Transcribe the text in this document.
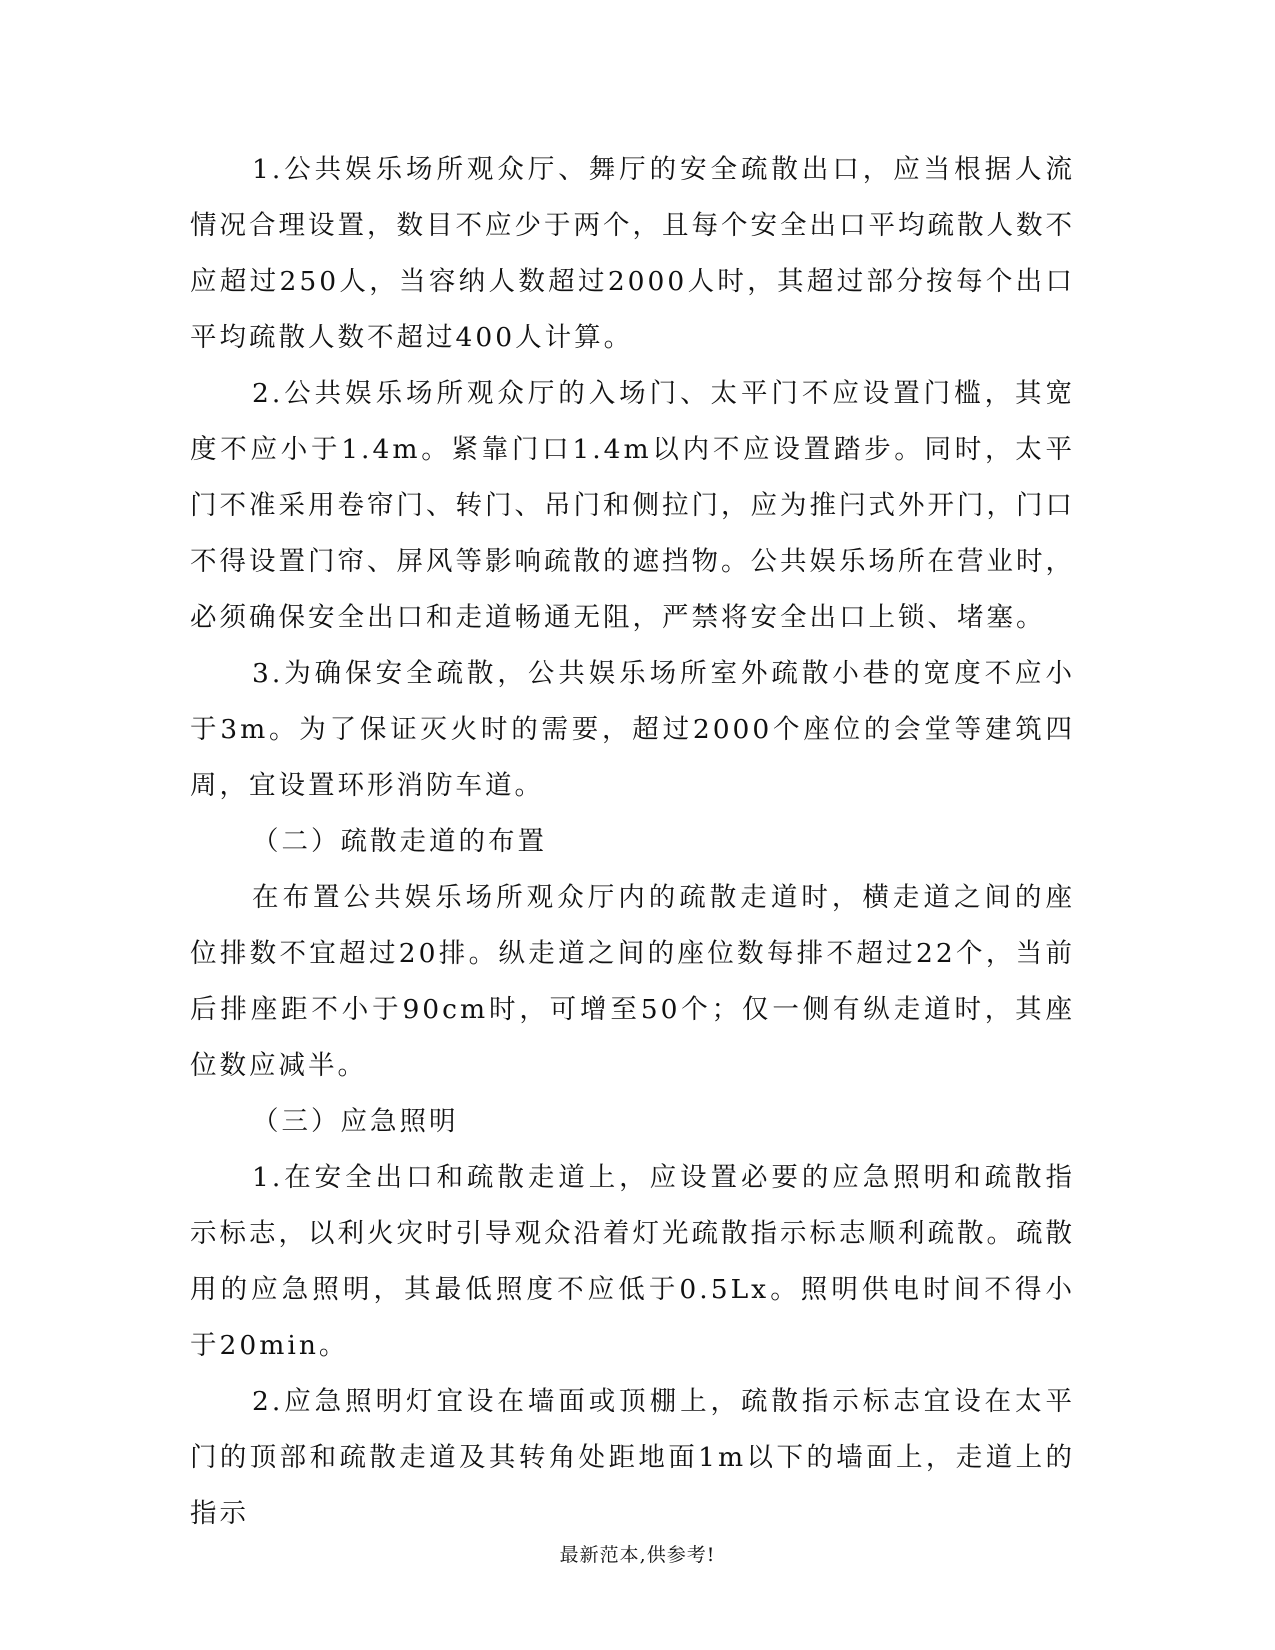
1.公共娱乐场所观众厅、舞厅的安全疏散出口，应当根据人流情况合理设置，数目不应少于两个，且每个安全出口平均疏散人数不应超过250人，当容纳人数超过2000人时，其超过部分按每个出口平均疏散人数不超过400人计算。

2.公共娱乐场所观众厅的入场门、太平门不应设置门槛，其宽度不应小于1.4m。紧靠门口1.4m以内不应设置踏步。同时，太平门不准采用卷帘门、转门、吊门和侧拉门，应为推闩式外开门，门口不得设置门帘、屏风等影响疏散的遮挡物。公共娱乐场所在营业时，必须确保安全出口和走道畅通无阻，严禁将安全出口上锁、堵塞。

3.为确保安全疏散，公共娱乐场所室外疏散小巷的宽度不应小于3m。为了保证灭火时的需要，超过2000个座位的会堂等建筑四周，宜设置环形消防车道。

（二）疏散走道的布置

在布置公共娱乐场所观众厅内的疏散走道时，横走道之间的座位排数不宜超过20排。纵走道之间的座位数每排不超过22个，当前后排座距不小于90cm时，可增至50个；仅一侧有纵走道时，其座位数应减半。

（三）应急照明

1.在安全出口和疏散走道上，应设置必要的应急照明和疏散指示标志，以利火灾时引导观众沿着灯光疏散指示标志顺利疏散。疏散用的应急照明，其最低照度不应低于0.5Lx。照明供电时间不得小于20min。

2.应急照明灯宜设在墙面或顶棚上，疏散指示标志宜设在太平门的顶部和疏散走道及其转角处距地面1m以下的墙面上，走道上的指示

最新范本,供参考!
